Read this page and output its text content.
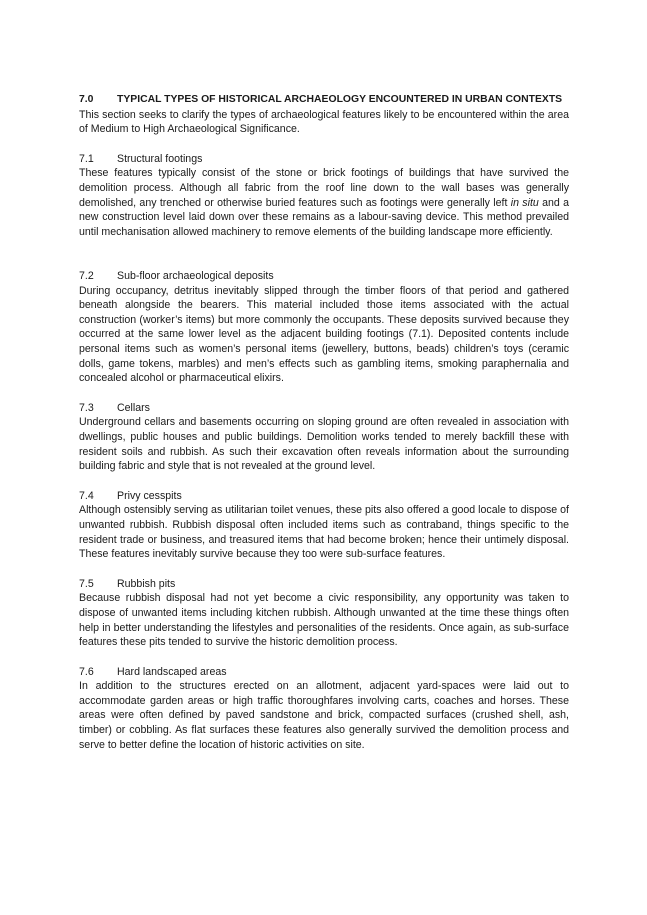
7.0	TYPICAL TYPES OF HISTORICAL ARCHAEOLOGY ENCOUNTERED IN URBAN CONTEXTS

This section seeks to clarify the types of archaeological features likely to be encountered within the area of Medium to High Archaeological Significance.

7.1	Structural footings

These features typically consist of the stone or brick footings of buildings that have survived the demolition process. Although all fabric from the roof line down to the wall bases was generally demolished, any trenched or otherwise buried features such as footings were generally left in situ and a new construction level laid down over these remains as a labour-saving device. This method prevailed until mechanisation allowed machinery to remove elements of the building landscape more efficiently.

7.2	Sub-floor archaeological deposits

During occupancy, detritus inevitably slipped through the timber floors of that period and gathered beneath alongside the bearers. This material included those items associated with the actual construction (worker’s items) but more commonly the occupants. These deposits survived because they occurred at the same lower level as the adjacent building footings (7.1). Deposited contents include personal items such as women’s personal items (jewellery, buttons, beads) children’s toys (ceramic dolls, game tokens, marbles) and men’s effects such as gambling items, smoking paraphernalia and concealed alcohol or pharmaceutical elixirs.

7.3	Cellars

Underground cellars and basements occurring on sloping ground are often revealed in association with dwellings, public houses and public buildings. Demolition works tended to merely backfill these with resident soils and rubbish. As such their excavation often reveals information about the surrounding building fabric and style that is not revealed at the ground level.

7.4	Privy cesspits

Although ostensibly serving as utilitarian toilet venues, these pits also offered a good locale to dispose of unwanted rubbish. Rubbish disposal often included items such as contraband, things specific to the resident trade or business, and treasured items that had become broken; hence their untimely disposal. These features inevitably survive because they too were sub-surface features.

7.5	Rubbish pits

Because rubbish disposal had not yet become a civic responsibility, any opportunity was taken to dispose of unwanted items including kitchen rubbish. Although unwanted at the time these things often help in better understanding the lifestyles and personalities of the residents. Once again, as sub-surface features these pits tended to survive the historic demolition process.

7.6	Hard landscaped areas

In addition to the structures erected on an allotment, adjacent yard-spaces were laid out to accommodate garden areas or high traffic thoroughfares involving carts, coaches and horses. These areas were often defined by paved sandstone and brick, compacted surfaces (crushed shell, ash, timber) or cobbling. As flat surfaces these features also generally survived the demolition process and serve to better define the location of historic activities on site.
